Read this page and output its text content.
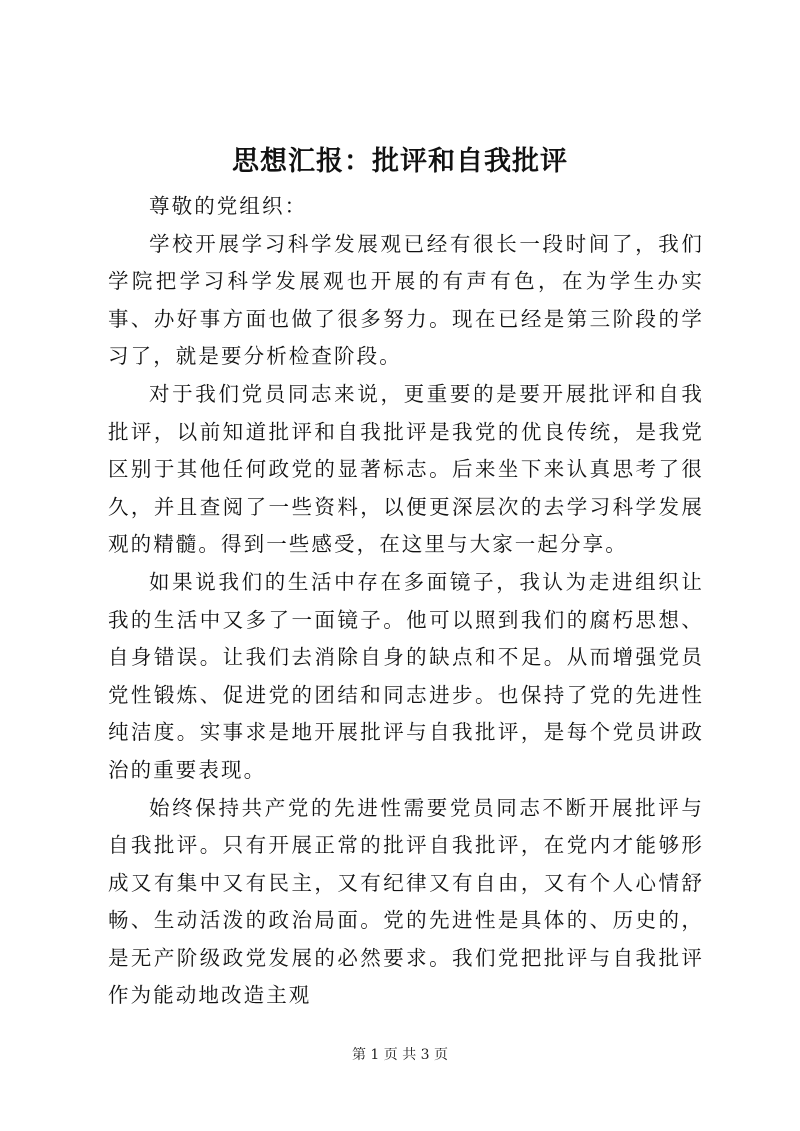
思想汇报：批评和自我批评

尊敬的党组织：

学校开展学习科学发展观已经有很长一段时间了，我们学院把学习科学发展观也开展的有声有色，在为学生办实事、办好事方面也做了很多努力。现在已经是第三阶段的学习了，就是要分析检查阶段。

对于我们党员同志来说，更重要的是要开展批评和自我批评，以前知道批评和自我批评是我党的优良传统，是我党区别于其他任何政党的显著标志。后来坐下来认真思考了很久，并且查阅了一些资料，以便更深层次的去学习科学发展观的精髓。得到一些感受，在这里与大家一起分享。

如果说我们的生活中存在多面镜子，我认为走进组织让我的生活中又多了一面镜子。他可以照到我们的腐朽思想、自身错误。让我们去消除自身的缺点和不足。从而增强党员党性锻炼、促进党的团结和同志进步。也保持了党的先进性纯洁度。实事求是地开展批评与自我批评，是每个党员讲政治的重要表现。

始终保持共产党的先进性需要党员同志不断开展批评与自我批评。只有开展正常的批评自我批评，在党内才能够形成又有集中又有民主，又有纪律又有自由，又有个人心情舒畅、生动活泼的政治局面。党的先进性是具体的、历史的，是无产阶级政党发展的必然要求。我们党把批评与自我批评作为能动地改造主观

第 1 页 共 3 页
